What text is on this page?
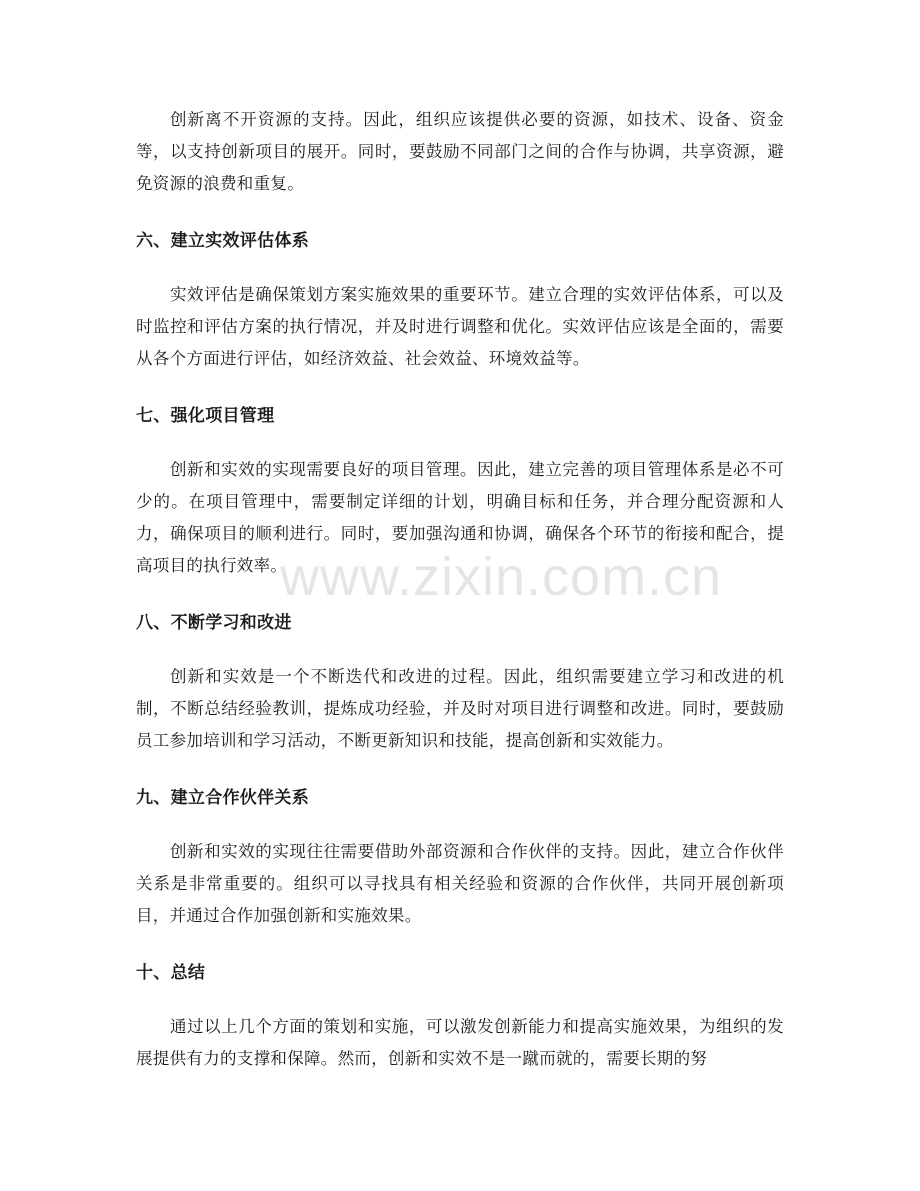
创新离不开资源的支持。因此，组织应该提供必要的资源，如技术、设备、资金等，以支持创新项目的展开。同时，要鼓励不同部门之间的合作与协调，共享资源，避免资源的浪费和重复。

六、建立实效评估体系

实效评估是确保策划方案实施效果的重要环节。建立合理的实效评估体系，可以及时监控和评估方案的执行情况，并及时进行调整和优化。实效评估应该是全面的，需要从各个方面进行评估，如经济效益、社会效益、环境效益等。

七、强化项目管理

创新和实效的实现需要良好的项目管理。因此，建立完善的项目管理体系是必不可少的。在项目管理中，需要制定详细的计划，明确目标和任务，并合理分配资源和人力，确保项目的顺利进行。同时，要加强沟通和协调，确保各个环节的衔接和配合，提高项目的执行效率。

八、不断学习和改进

创新和实效是一个不断迭代和改进的过程。因此，组织需要建立学习和改进的机制，不断总结经验教训，提炼成功经验，并及时对项目进行调整和改进。同时，要鼓励员工参加培训和学习活动，不断更新知识和技能，提高创新和实效能力。

九、建立合作伙伴关系

创新和实效的实现往往需要借助外部资源和合作伙伴的支持。因此，建立合作伙伴关系是非常重要的。组织可以寻找具有相关经验和资源的合作伙伴，共同开展创新项目，并通过合作加强创新和实施效果。

十、总结

通过以上几个方面的策划和实施，可以激发创新能力和提高实施效果，为组织的发展提供有力的支撑和保障。然而，创新和实效不是一蹴而就的，需要长期的努

www.zixin.com.cn
